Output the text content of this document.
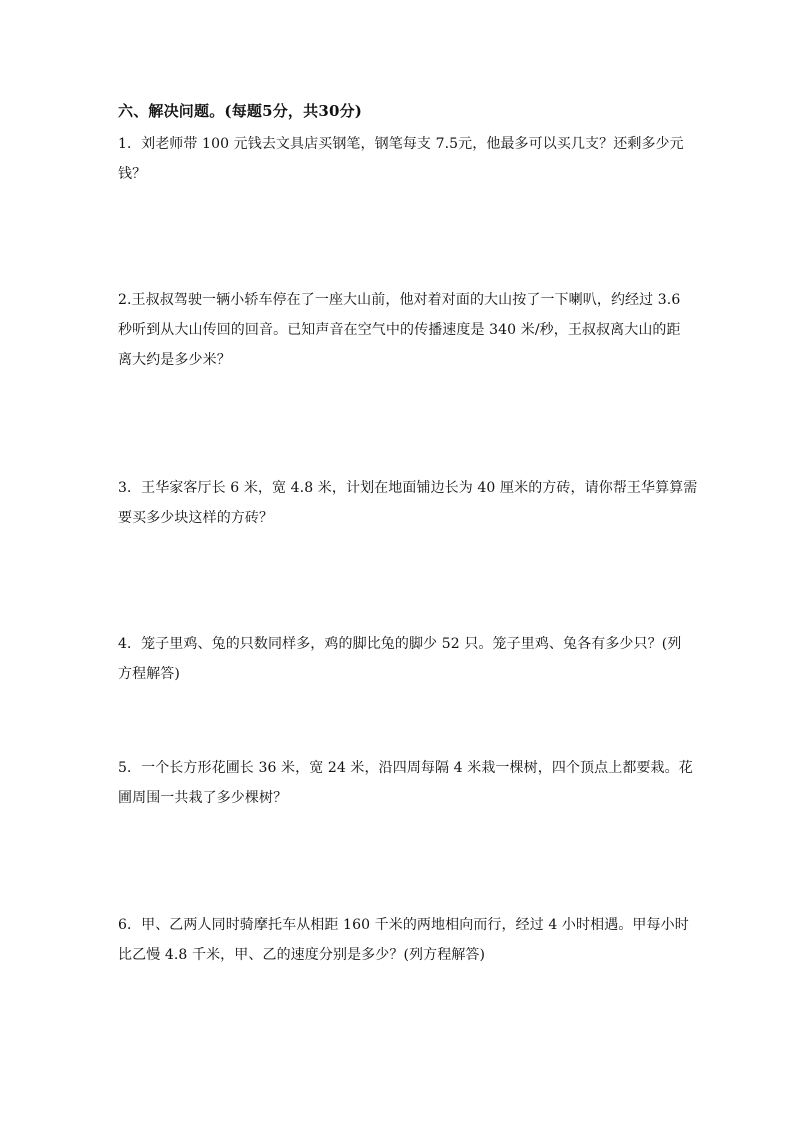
六、解决问题。(每题5分，共30分)
1．刘老师带 100 元钱去文具店买钢笔，钢笔每支 7.5元，他最多可以买几支？还剩多少元
钱？
2.王叔叔驾驶一辆小轿车停在了一座大山前，他对着对面的大山按了一下喇叭，约经过 3.6
秒听到从大山传回的回音。已知声音在空气中的传播速度是 340 米/秒，王叔叔离大山的距
离大约是多少米？
3．王华家客厅长 6 米，宽 4.8 米，计划在地面铺边长为 40 厘米的方砖，请你帮王华算算需
要买多少块这样的方砖？
4．笼子里鸡、兔的只数同样多，鸡的脚比兔的脚少 52 只。笼子里鸡、兔各有多少只？(列
方程解答)
5．一个长方形花圃长 36 米，宽 24 米，沿四周每隔 4 米栽一棵树，四个顶点上都要栽。花
圃周围一共栽了多少棵树？
6．甲、乙两人同时骑摩托车从相距 160 千米的两地相向而行，经过 4 小时相遇。甲每小时
比乙慢 4.8 千米，甲、乙的速度分别是多少？(列方程解答)
